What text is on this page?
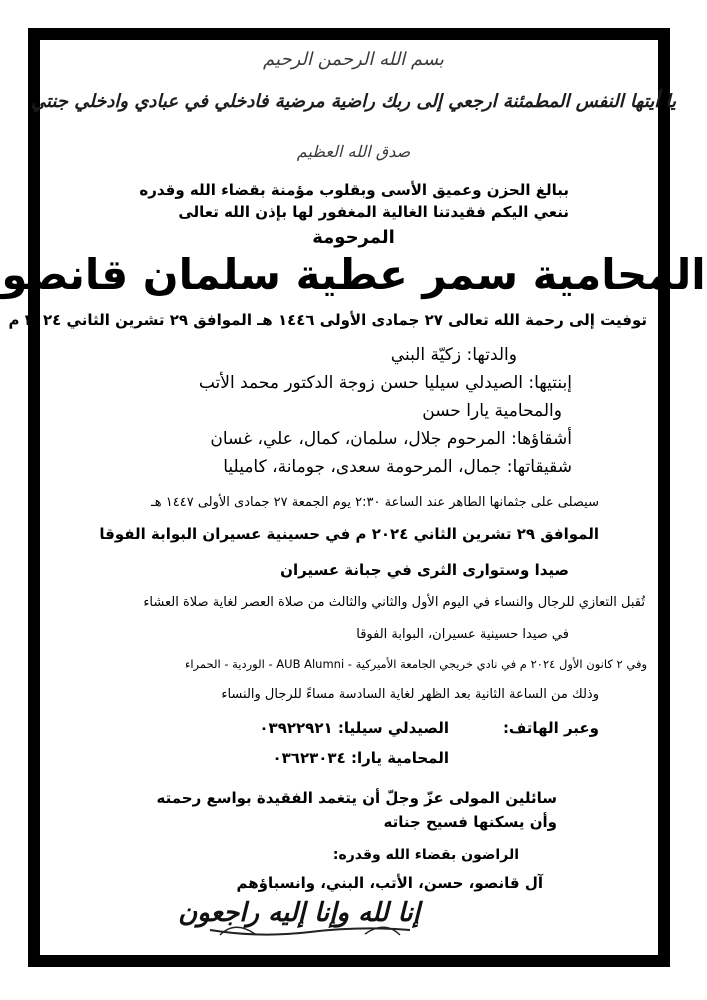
بسم الله الرحمن الرحيم
يا أيتها النفس المطمئنة ارجعي إلى ربك راضية مرضية فادخلي في عبادي وادخلي جنتي
صدق الله العظيم
ببالغ الحزن وعميق الأسى وبقلوب مؤمنة بقضاء الله وقدره
ننعي اليكم فقيدتنا الغالية المغفور لها بإذن الله تعالى
المرحومة
المحامية سمر عطية سلمان قانصو
توفيت إلى رحمة الله تعالى ٢٧ جمادى الأولى ١٤٤٦ هـ الموافق ٢٩ تشرين الثاني ٢٠٢٤ م
والدتها: زكيّة البني
إبنتيها: الصيدلي سيليا حسن زوجة الدكتور محمد الأتب
والمحامية يارا حسن
أشقاؤها: المرحوم جلال، سلمان، كمال، علي، غسان
شقيقاتها: جمال، المرحومة سعدى، جومانة، كاميليا
سيصلى على جثمانها الطاهر عند الساعة ٢:٣٠ يوم الجمعة ٢٧ جمادى الأولى ١٤٤٧ هـ
الموافق ٢٩ تشرين الثاني ٢٠٢٤ م في حسينية عسيران البوابة الفوقا
صيدا وستوارى الثرى في جبانة عسيران
تُقبل التعازي للرجال والنساء في اليوم الأول والثاني والثالث من صلاة العصر لغاية صلاة العشاء
في صيدا حسينية عسيران، البوابة الفوقا
وفي ٢ كانون الأول ٢٠٢٤ م في نادي خريجي الجامعة الأميركية - AUB Alumni - الوردية - الحمراء
وذلك من الساعة الثانية بعد الظهر لغاية السادسة مساءً للرجال والنساء
وعبر الهاتف:
الصيدلي سيليا: ٠٣٩٢٢٩٢١
المحامية يارا: ٠٣٦٢٣٠٣٤
سائلين المولى عزّ وجلّ أن يتغمد الفقيدة بواسع رحمته
وأن يسكنها فسيح جناته
الراضون بقضاء الله وقدره:
آل قانصو، حسن، الأتب، البني، وانسباؤهم
إنا لله وإنا إليه راجعون
